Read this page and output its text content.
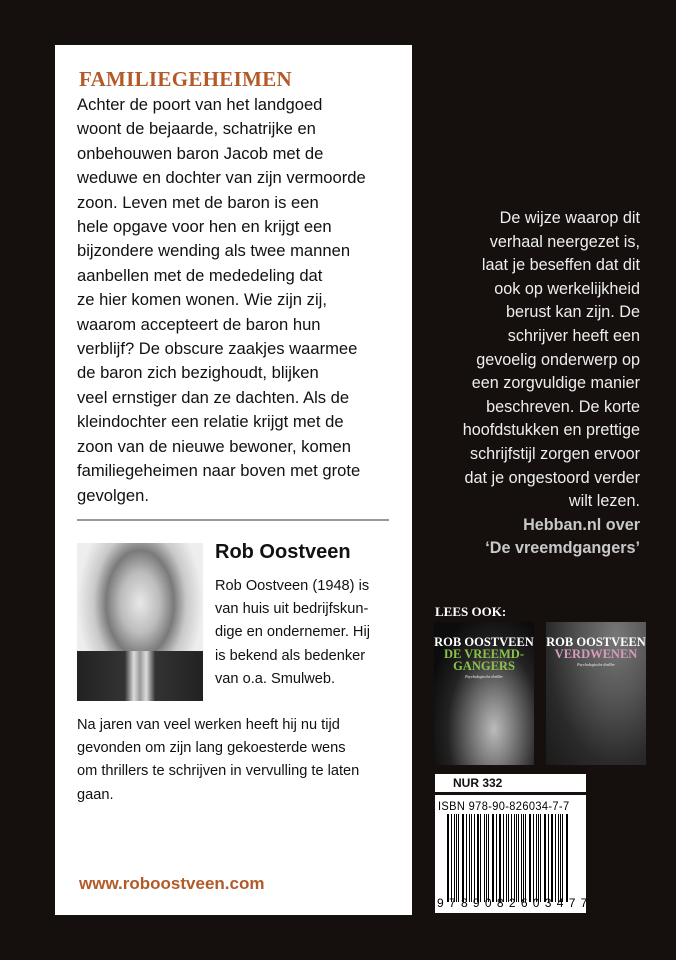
FAMILIEGEHEIMEN
Achter de poort van het landgoed
woont de bejaarde, schatrijke en
onbehouwen baron Jacob met de
weduwe en dochter van zijn vermoorde
zoon. Leven met de baron is een
hele opgave voor hen en krijgt een
bijzondere wending als twee mannen
aanbellen met de mededeling dat
ze hier komen wonen. Wie zijn zij,
waarom accepteert de baron hun
verblijf? De obscure zaakjes waarmee
de baron zich bezighoudt, blijken
veel ernstiger dan ze dachten. Als de
kleindochter een relatie krijgt met de
zoon van de nieuwe bewoner, komen
familiegeheimen naar boven met grote
gevolgen.
Rob Oostveen
Rob Oostveen (1948) is
van huis uit bedrijfskun-
dige en ondernemer. Hij
is bekend als bedenker
van o.a. Smulweb.
Na jaren van veel werken heeft hij nu tijd
gevonden om zijn lang gekoesterde wens
om thrillers te schrijven in vervulling te laten
gaan.
www.roboostveen.com
De wijze waarop dit
verhaal neergezet is,
laat je beseffen dat dit
ook op werkelijkheid
berust kan zijn. De
schrijver heeft een
gevoelig onderwerp op
een zorgvuldige manier
beschreven. De korte
hoofdstukken en prettige
schrijfstijl zorgen ervoor
dat je ongestoord verder
wilt lezen.
Hebban.nl over
‘De vreemdgangers’
LEES OOK:
ROB OOSTVEEN
DE VREEMD-
GANGERS
Psychologische thriller
ROB OOSTVEEN
VERDWENEN
Psychologische thriller
NUR 332
ISBN 978-90-826034-7-7
9789082603477
